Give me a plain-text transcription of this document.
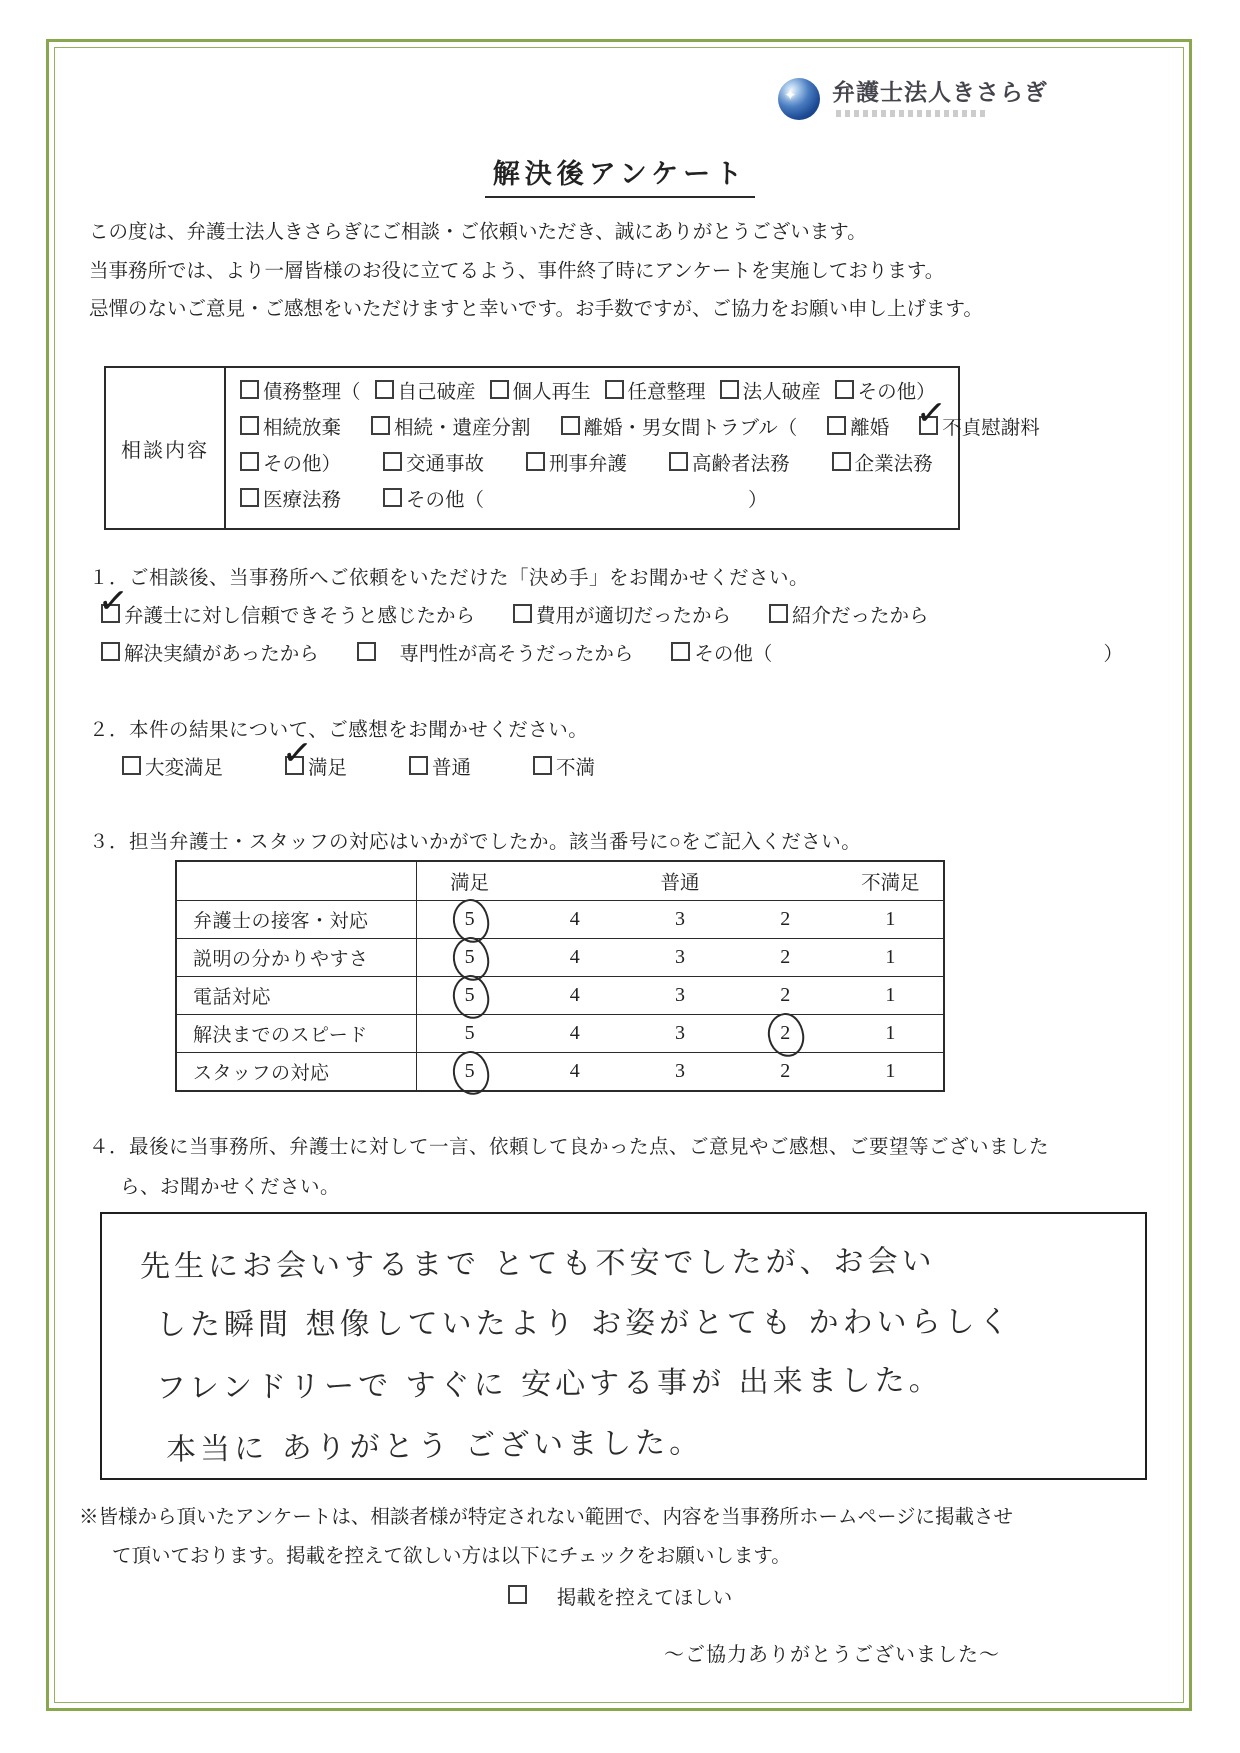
✦
弁護士法人きさらぎ
解決後アンケート
この度は、弁護士法人きさらぎにご相談・ご依頼いただき、誠にありがとうございます。
当事務所では、より一層皆様のお役に立てるよう、事件終了時にアンケートを実施しております。
忌憚のないご意見・ご感想をいただけますと幸いです。お手数ですが、ご協力をお願い申し上げます。
相談内容
債務整理（	自己破産	個人再生	任意整理	法人破産	その他）
相続放棄	相続・遺産分割	離婚・男女間トラブル（	離婚 ✓	不貞慰謝料
その他）	交通事故	刑事弁護	高齢者法務	企業法務
医療法務	その他（	）
１．ご相談後、当事務所へご依頼をいただけた「決め手」をお聞かせください。
✓弁護士に対し信頼できそうと感じたから	費用が適切だったから	紹介だったから
解決実績があったから	　専門性が高そうだったから	その他（	）
２．本件の結果について、ご感想をお聞かせください。
大変満足 ✓	満足	普通	不満
３．担当弁護士・スタッフの対応はいかがでしたか。該当番号に○をご記入ください。
満足	普通	不満足
弁護士の接客・対応	5	4	3	2	1
説明の分かりやすさ	5	4	3	2	1
電話対応	5	4	3	2	1
解決までのスピード	5	4	3	2	1
スタッフの対応	5	4	3	2	1
４．最後に当事務所、弁護士に対して一言、依頼して良かった点、ご意見やご感想、ご要望等ございました
ら、お聞かせください。
先生にお会いするまで とても不安でしたが、お会い
した瞬間 想像していたより お姿がとても かわいらしく
フレンドリーで すぐに 安心する事が 出来ました。
本当に ありがとう ございました。
※皆様から頂いたアンケートは、相談者様が特定されない範囲で、内容を当事務所ホームページに掲載させ
て頂いております。掲載を控えて欲しい方は以下にチェックをお願いします。
掲載を控えてほしい
～ご協力ありがとうございました～
